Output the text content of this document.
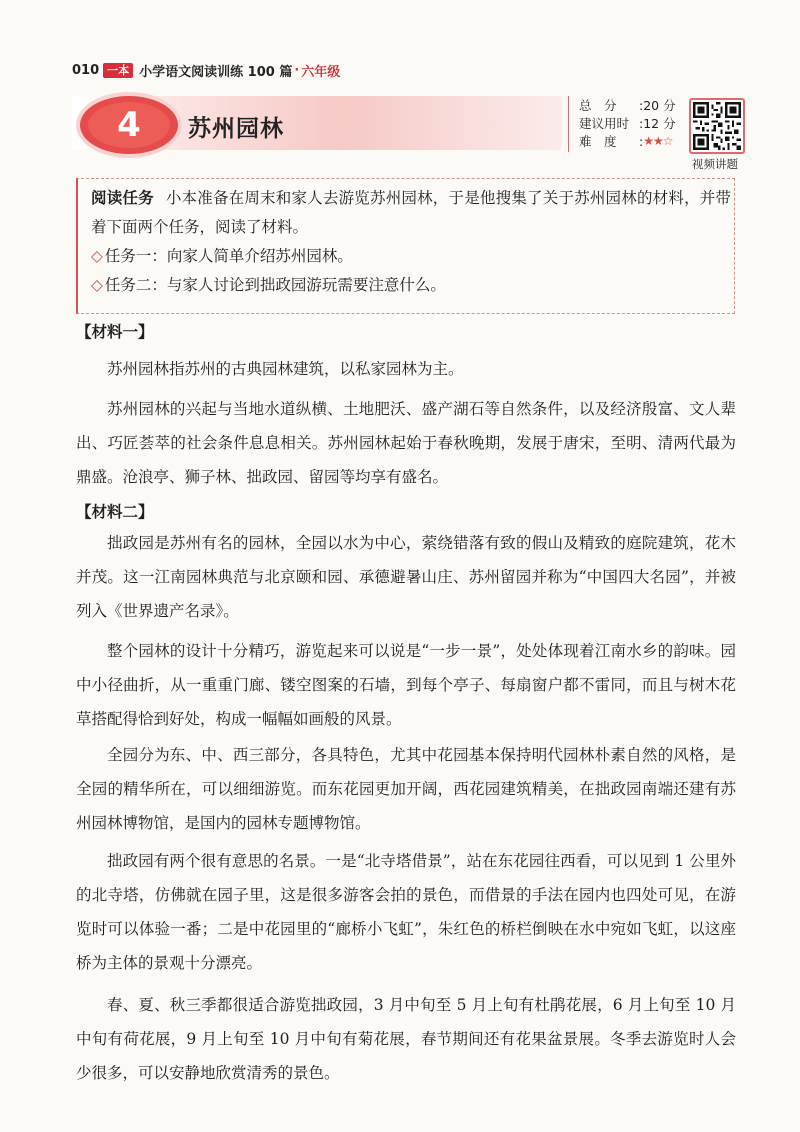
010 一本 小学语文阅读训练 100 篇 · 六年级
4	苏州园林
总　分	:20 分
建议用时 :12 分
难　度	: ★★☆
视频讲题
阅读任务 小本准备在周末和家人去游览苏州园林，于是他搜集了关于苏州园林的材料，并带着下面两个任务，阅读了材料。
◇ 任务一：向家人简单介绍苏州园林。
◇ 任务二：与家人讨论到拙政园游玩需要注意什么。
【材料一】
苏州园林指苏州的古典园林建筑，以私家园林为主。
苏州园林的兴起与当地水道纵横、土地肥沃、盛产湖石等自然条件，以及经济殷富、文人辈出、巧匠荟萃的社会条件息息相关。苏州园林起始于春秋晚期，发展于唐宋，至明、清两代最为鼎盛。沧浪亭、狮子林、拙政园、留园等均享有盛名。
【材料二】
拙政园是苏州有名的园林，全园以水为中心，萦绕错落有致的假山及精致的庭院建筑，花木并茂。这一江南园林典范与北京颐和园、承德避暑山庄、苏州留园并称为“中国四大名园”，并被列入《世界遗产名录》。
整个园林的设计十分精巧，游览起来可以说是“一步一景”，处处体现着江南水乡的韵味。园中小径曲折，从一重重门廊、镂空图案的石墙，到每个亭子、每扇窗户都不雷同，而且与树木花草搭配得恰到好处，构成一幅幅如画般的风景。
全园分为东、中、西三部分，各具特色，尤其中花园基本保持明代园林朴素自然的风格，是全园的精华所在，可以细细游览。而东花园更加开阔，西花园建筑精美，在拙政园南端还建有苏州园林博物馆，是国内的园林专题博物馆。
拙政园有两个很有意思的名景。一是“北寺塔借景”，站在东花园往西看，可以见到 1 公里外的北寺塔，仿佛就在园子里，这是很多游客会拍的景色，而借景的手法在园内也四处可见，在游览时可以体验一番；二是中花园里的“廊桥小飞虹”，朱红色的桥栏倒映在水中宛如飞虹，以这座桥为主体的景观十分漂亮。
春、夏、秋三季都很适合游览拙政园，3 月中旬至 5 月上旬有杜鹃花展，6 月上旬至 10 月中旬有荷花展，9 月上旬至 10 月中旬有菊花展，春节期间还有花果盆景展。冬季去游览时人会少很多，可以安静地欣赏清秀的景色。
